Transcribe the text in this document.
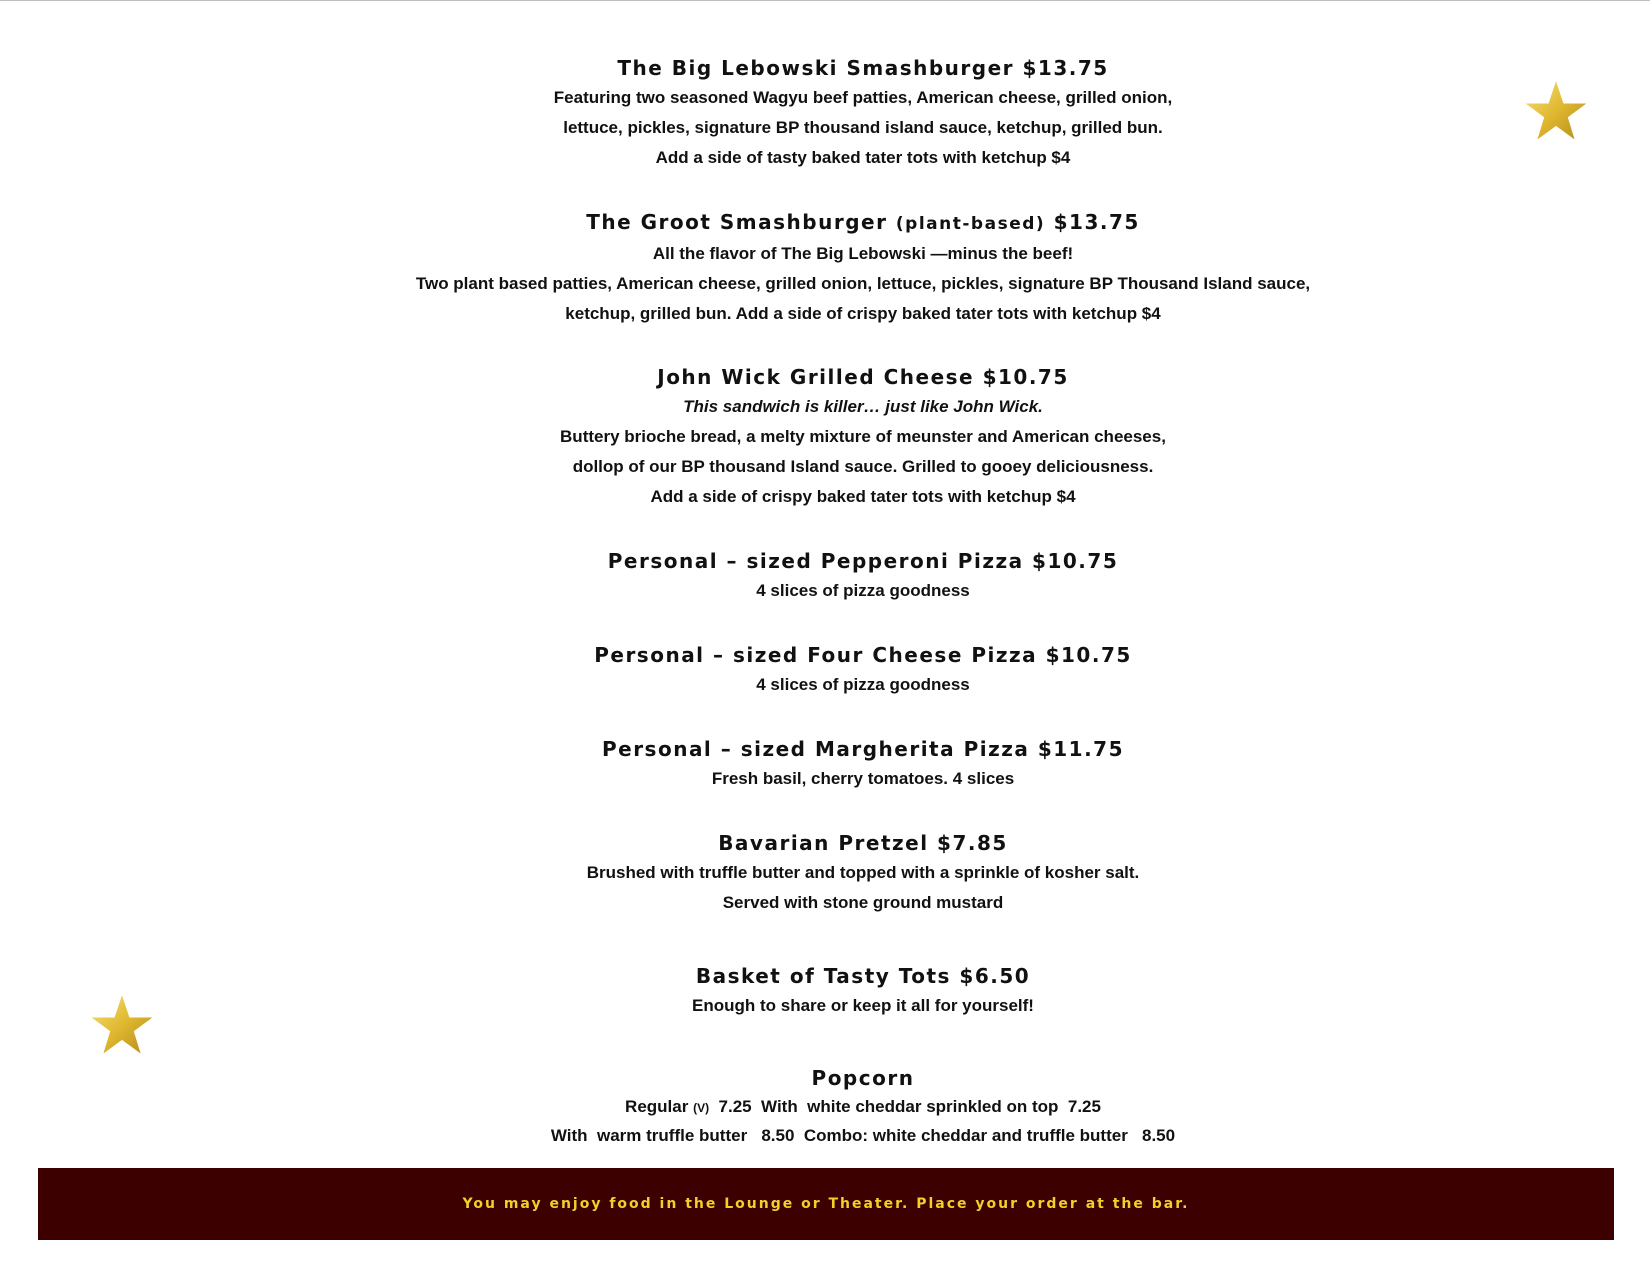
The Big Lebowski Smashburger $13.75

Featuring two seasoned Wagyu beef patties, American cheese, grilled onion,

lettuce, pickles, signature BP thousand island sauce, ketchup, grilled bun.

Add a side of tasty baked tater tots with ketchup $4

The Groot Smashburger (plant-based) $13.75

All the flavor of The Big Lebowski —minus the beef!

Two plant based patties, American cheese, grilled onion, lettuce, pickles, signature BP Thousand Island sauce,

ketchup, grilled bun. Add a side of crispy baked tater tots with ketchup $4

John Wick Grilled Cheese $10.75

This sandwich is killer… just like John Wick.

Buttery brioche bread, a melty mixture of meunster and American cheeses,

dollop of our BP thousand Island sauce. Grilled to gooey deliciousness.

Add a side of crispy baked tater tots with ketchup $4

Personal – sized Pepperoni Pizza $10.75

4 slices of pizza goodness

Personal – sized Four Cheese Pizza $10.75

4 slices of pizza goodness

Personal – sized Margherita Pizza $11.75

Fresh basil, cherry tomatoes. 4 slices

Bavarian Pretzel $7.85

Brushed with truffle butter and topped with a sprinkle of kosher salt.

Served with stone ground mustard

Basket of Tasty Tots $6.50

Enough to share or keep it all for yourself!

Popcorn

Regular (V)  7.25  With  white cheddar sprinkled on top  7.25

With  warm truffle butter   8.50  Combo: white cheddar and truffle butter   8.50

You may enjoy food in the Lounge or Theater. Place your order at the bar.
